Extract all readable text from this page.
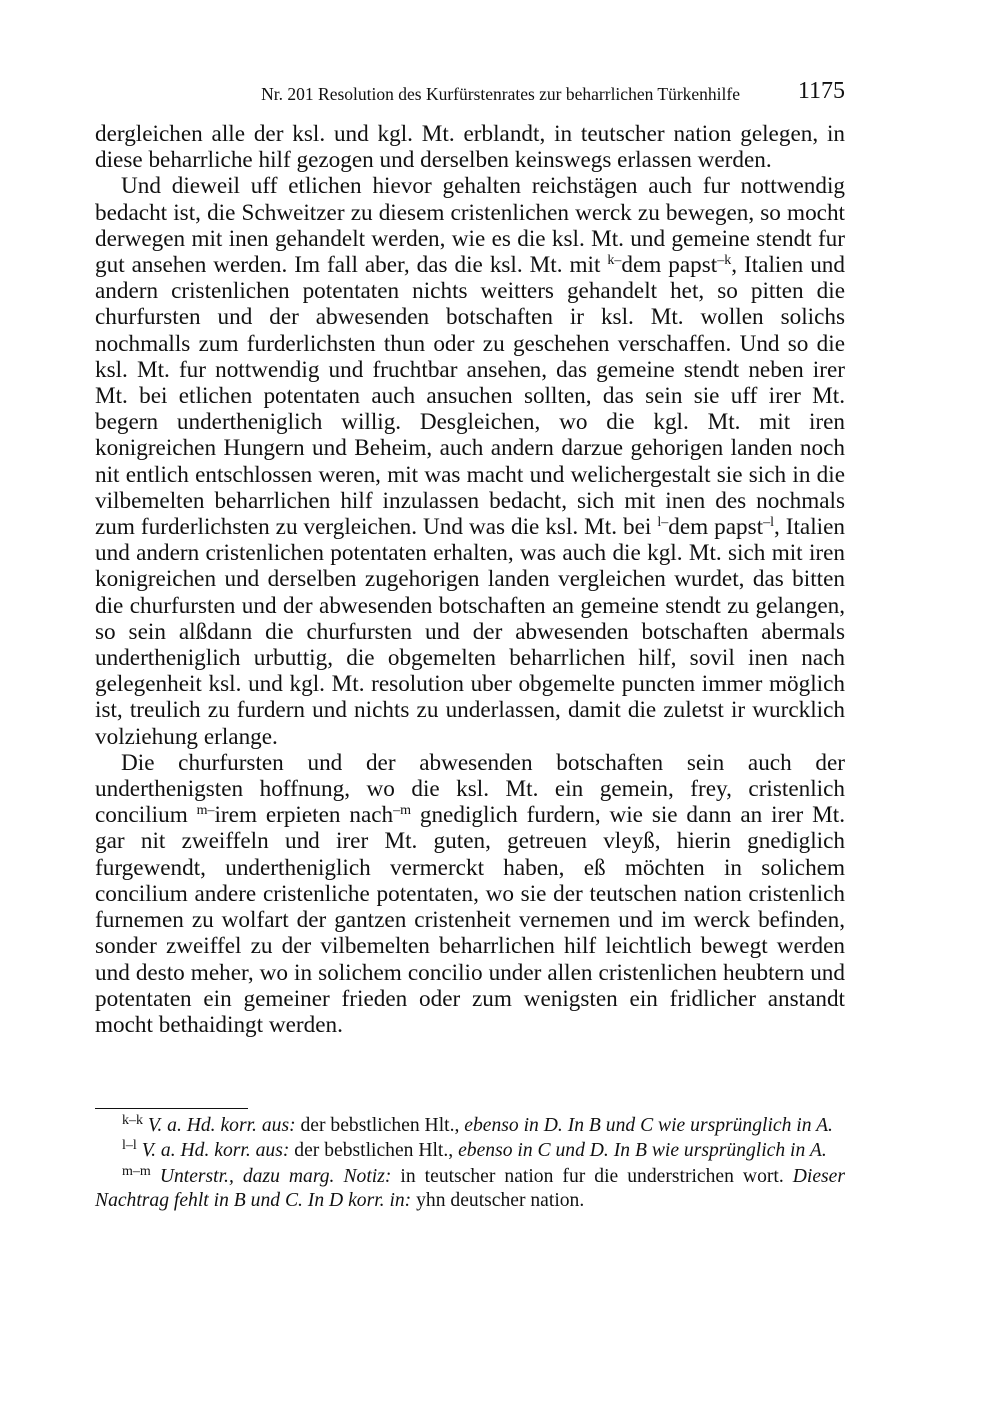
Nr. 201 Resolution des Kurfürstenrates zur beharrlichen Türkenhilfe 1175

dergleichen alle der ksl. und kgl. Mt. erblandt, in teutscher nation gelegen, in diese beharrliche hilf gezogen und derselben keinswegs erlassen werden.

Und dieweil uff etlichen hievor gehalten reichstägen auch fur nottwendig bedacht ist, die Schweitzer zu diesem cristenlichen werck zu bewegen, so mocht derwegen mit inen gehandelt werden, wie es die ksl. Mt. und gemeine stendt fur gut ansehen werden. Im fall aber, das die ksl. Mt. mit $^{k-}$dem papst$^{-k}$, Italien und andern cristenlichen potentaten nichts weitters gehandelt het, so pitten die churfursten und der abwesenden botschaften ir ksl. Mt. wollen solichs nochmalls zum furderlichsten thun oder zu geschehen verschaffen. Und so die ksl. Mt. fur nottwendig und fruchtbar ansehen, das gemeine stendt neben irer Mt. bei etlichen potentaten auch ansuchen sollten, das sein sie uff irer Mt. begern undertheniglich willig. Desgleichen, wo die kgl. Mt. mit iren konigreichen Hungern und Beheim, auch andern darzue gehorigen landen noch nit entlich entschlossen weren, mit was macht und welichergestalt sie sich in die vilbemelten beharrlichen hilf inzulassen bedacht, sich mit inen des nochmals zum furderlichsten zu vergleichen. Und was die ksl. Mt. bei $^{l-}$dem papst$^{-l}$, Italien und andern cristenlichen potentaten erhalten, was auch die kgl. Mt. sich mit iren konigreichen und derselben zugehorigen landen vergleichen wurdet, das bitten die churfursten und der abwesenden botschaften an gemeine stendt zu gelangen, so sein alßdann die churfursten und der abwesenden botschaften abermals undertheniglich urbuttig, die obgemelten beharrlichen hilf, sovil inen nach gelegenheit ksl. und kgl. Mt. resolution uber obgemelte puncten immer möglich ist, treulich zu furdern und nichts zu underlassen, damit die zuletst ir wurcklich volziehung erlange.

Die churfursten und der abwesenden botschaften sein auch der underthenigsten hoffnung, wo die ksl. Mt. ein gemein, frey, cristenlich concilium $^{m-}$irem erpieten nach$^{-m}$ gnediglich furdern, wie sie dann an irer Mt. gar nit zweiffeln und irer Mt. guten, getreuen vleyß, hierin gnediglich furgewendt, undertheniglich vermerckt haben, eß möchten in solichem concilium andere cristenliche potentaten, wo sie der teutschen nation cristenlich furnemen zu wolfart der gantzen cristenheit vernemen und im werck befinden, sonder zweiffel zu der vilbemelten beharrlichen hilf leichtlich bewegt werden und desto meher, wo in solichem concilio under allen cristenlichen heubtern und potentaten ein gemeiner frieden oder zum wenigsten ein fridlicher anstandt mocht bethaidingt werden.

$^{k-k}$ V. a. Hd. korr. aus: der bebstlichen Hlt., ebenso in D. In B und C wie ursprünglich in A.

$^{l-l}$ V. a. Hd. korr. aus: der bebstlichen Hlt., ebenso in C und D. In B wie ursprünglich in A.

$^{m-m}$ Unterstr., dazu marg. Notiz: in teutscher nation fur die understrichen wort. Dieser Nachtrag fehlt in B und C. In D korr. in: yhn deutscher nation.
